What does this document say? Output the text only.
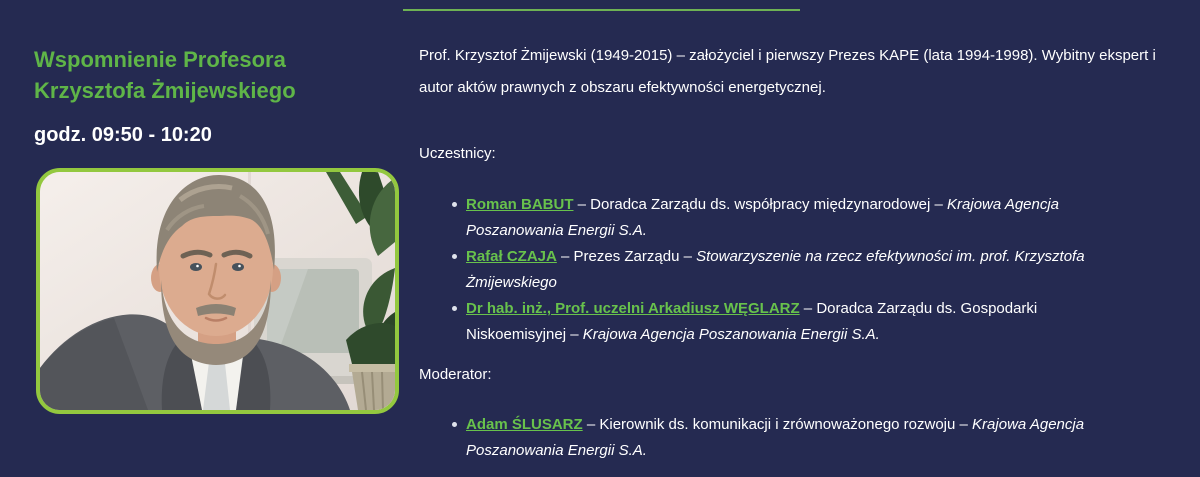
Wspomnienie Profesora Krzysztofa Żmijewskiego

godz. 09:50 - 10:20

Prof. Krzysztof Żmijewski (1949-2015) – założyciel i pierwszy Prezes KAPE (lata 1994-1998). Wybitny ekspert i autor aktów prawnych z obszaru efektywności energetycznej.

Uczestnicy:

Roman BABUT – Doradca Zarządu ds. współpracy międzynarodowej – Krajowa Agencja Poszanowania Energii S.A.
Rafał CZAJA – Prezes Zarządu – Stowarzyszenie na rzecz efektywności im. prof. Krzysztofa Żmijewskiego
Dr hab. inż., Prof. uczelni Arkadiusz WĘGLARZ – Doradca Zarządu ds. Gospodarki Niskoemisyjnej – Krajowa Agencja Poszanowania Energii S.A.

Moderator:

Adam ŚLUSARZ – Kierownik ds. komunikacji i zrównoważonego rozwoju – Krajowa Agencja Poszanowania Energii S.A.
